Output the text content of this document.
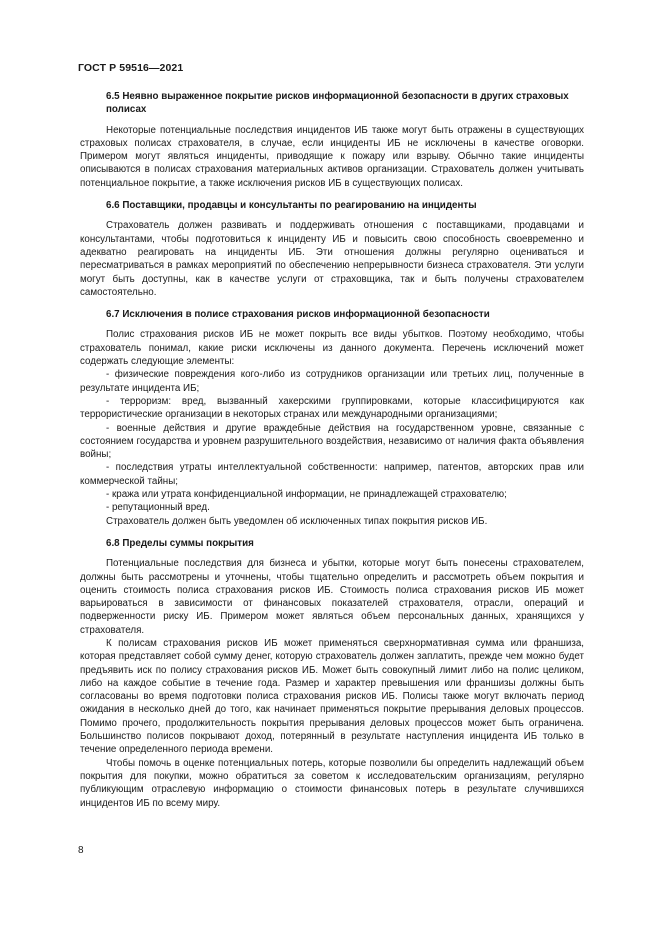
ГОСТ Р 59516—2021
6.5 Неявно выраженное покрытие рисков информационной безопасности в других страховых полисах

Некоторые потенциальные последствия инцидентов ИБ также могут быть отражены в существующих страховых полисах страхователя, в случае, если инциденты ИБ не исключены в качестве оговорки. Примером могут являться инциденты, приводящие к пожару или взрыву. Обычно такие инциденты описываются в полисах страхования материальных активов организации. Страхователь должен учитывать потенциальное покрытие, а также исключения рисков ИБ в существующих полисах.

6.6 Поставщики, продавцы и консультанты по реагированию на инциденты

Страхователь должен развивать и поддерживать отношения с поставщиками, продавцами и консультантами, чтобы подготовиться к инциденту ИБ и повысить свою способность своевременно и адекватно реагировать на инциденты ИБ. Эти отношения должны регулярно оцениваться и пересматриваться в рамках мероприятий по обеспечению непрерывности бизнеса страхователя. Эти услуги могут быть доступны, как в качестве услуги от страховщика, так и быть получены страхователем самостоятельно.

6.7 Исключения в полисе страхования рисков информационной безопасности

Полис страхования рисков ИБ не может покрыть все виды убытков. Поэтому необходимо, чтобы страхователь понимал, какие риски исключены из данного документа. Перечень исключений может содержать следующие элементы:

- физические повреждения кого-либо из сотрудников организации или третьих лиц, полученные в результате инцидента ИБ;

- терроризм: вред, вызванный хакерскими группировками, которые классифицируются как террористические организации в некоторых странах или международными организациями;

- военные действия и другие враждебные действия на государственном уровне, связанные с состоянием государства и уровнем разрушительного воздействия, независимо от наличия факта объявления войны;

- последствия утраты интеллектуальной собственности: например, патентов, авторских прав или коммерческой тайны;

- кража или утрата конфиденциальной информации, не принадлежащей страхователю;

- репутационный вред.

Страхователь должен быть уведомлен об исключенных типах покрытия рисков ИБ.

6.8 Пределы суммы покрытия

Потенциальные последствия для бизнеса и убытки, которые могут быть понесены страхователем, должны быть рассмотрены и уточнены, чтобы тщательно определить и рассмотреть объем покрытия и оценить стоимость полиса страхования рисков ИБ. Стоимость полиса страхования рисков ИБ может варьироваться в зависимости от финансовых показателей страхователя, отрасли, операций и подверженности риску ИБ. Примером может являться объем персональных данных, хранящихся у страхователя.

К полисам страхования рисков ИБ может применяться сверхнормативная сумма или франшиза, которая представляет собой сумму денег, которую страхователь должен заплатить, прежде чем можно будет предъявить иск по полису страхования рисков ИБ. Может быть совокупный лимит либо на полис целиком, либо на каждое событие в течение года. Размер и характер превышения или франшизы должны быть согласованы во время подготовки полиса страхования рисков ИБ. Полисы также могут включать период ожидания в несколько дней до того, как начинает применяться покрытие прерывания деловых процессов. Помимо прочего, продолжительность покрытия прерывания деловых процессов может быть ограничена. Большинство полисов покрывают доход, потерянный в результате наступления инцидента ИБ только в течение определенного периода времени.

Чтобы помочь в оценке потенциальных потерь, которые позволили бы определить надлежащий объем покрытия для покупки, можно обратиться за советом к исследовательским организациям, регулярно публикующим отраслевую информацию о стоимости финансовых потерь в результате случившихся инцидентов ИБ по всему миру.

8
